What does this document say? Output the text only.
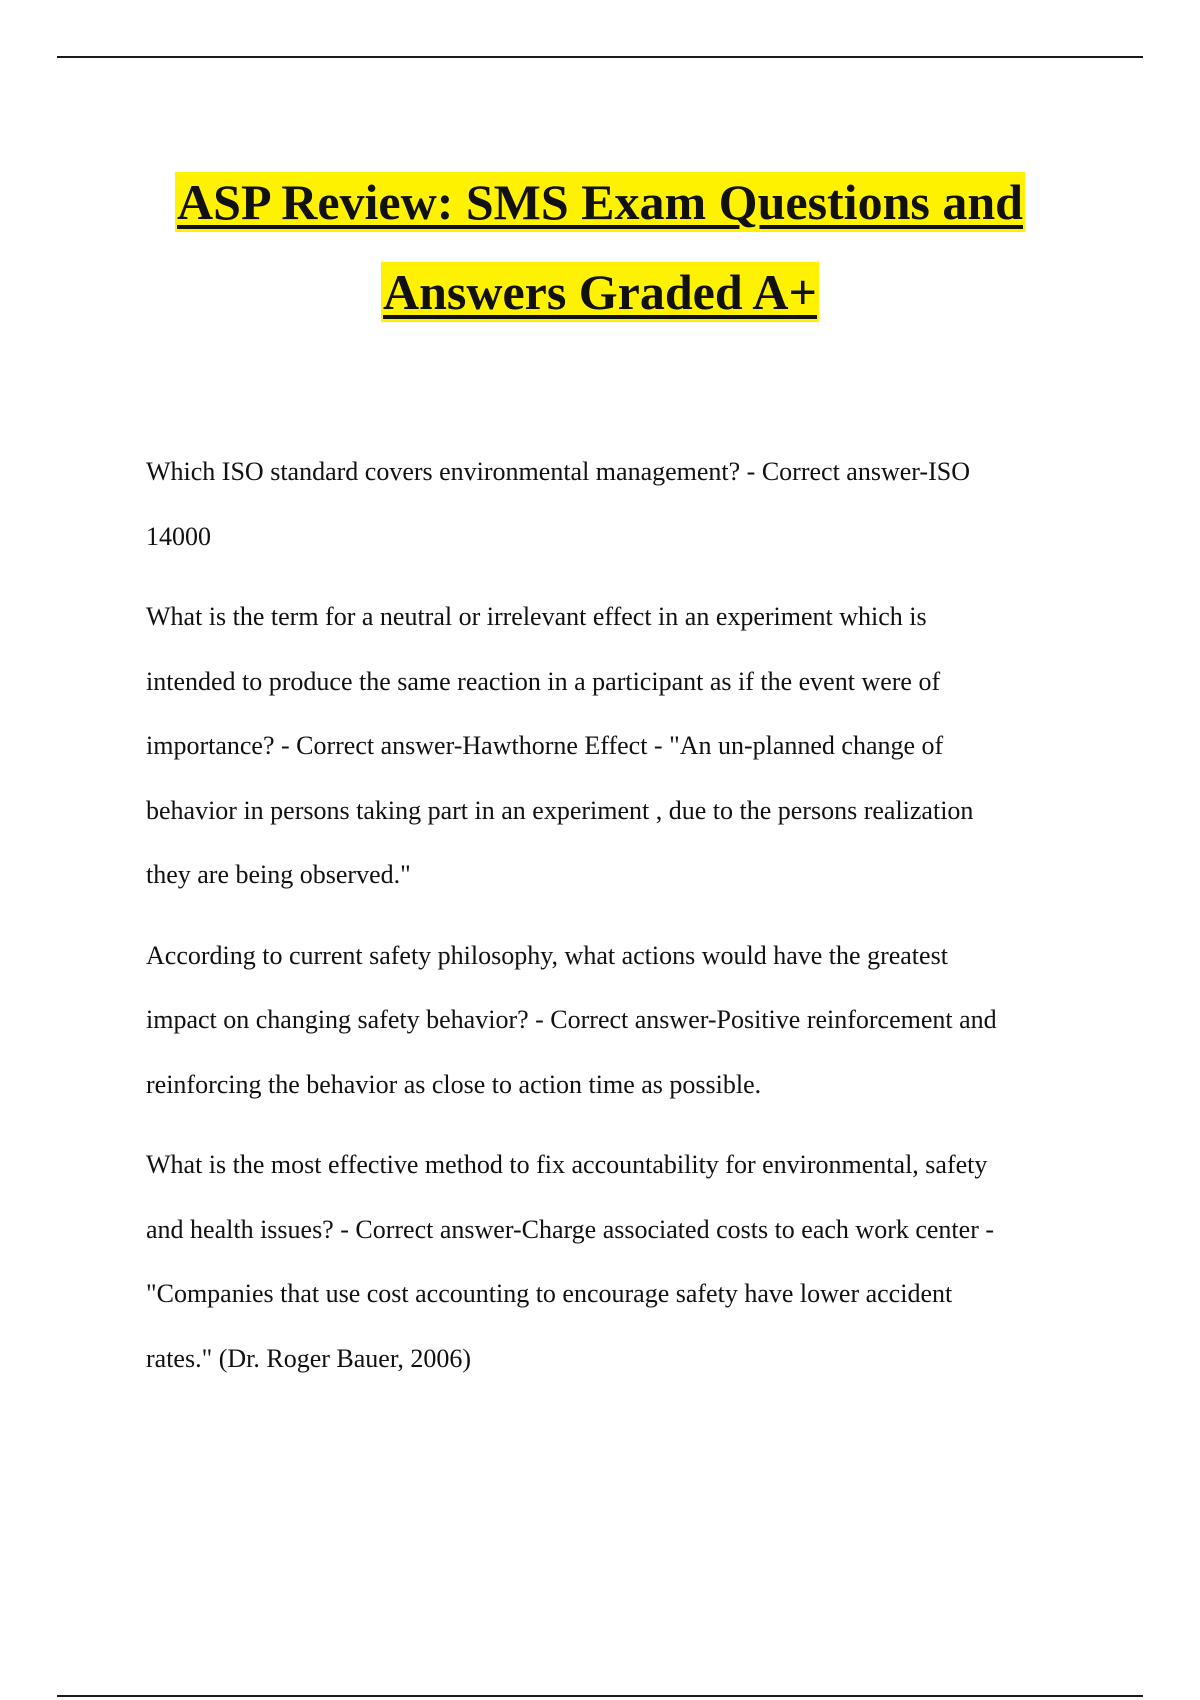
ASP Review: SMS Exam Questions and
Answers Graded A+
Which ISO standard covers environmental management? - Correct answer-ISO
14000
What is the term for a neutral or irrelevant effect in an experiment which is
intended to produce the same reaction in a participant as if the event were of
importance? - Correct answer-Hawthorne Effect - "An un-planned change of
behavior in persons taking part in an experiment , due to the persons realization
they are being observed."
According to current safety philosophy, what actions would have the greatest
impact on changing safety behavior? - Correct answer-Positive reinforcement and
reinforcing the behavior as close to action time as possible.
What is the most effective method to fix accountability for environmental, safety
and health issues? - Correct answer-Charge associated costs to each work center -
"Companies that use cost accounting to encourage safety have lower accident
rates." (Dr. Roger Bauer, 2006)
